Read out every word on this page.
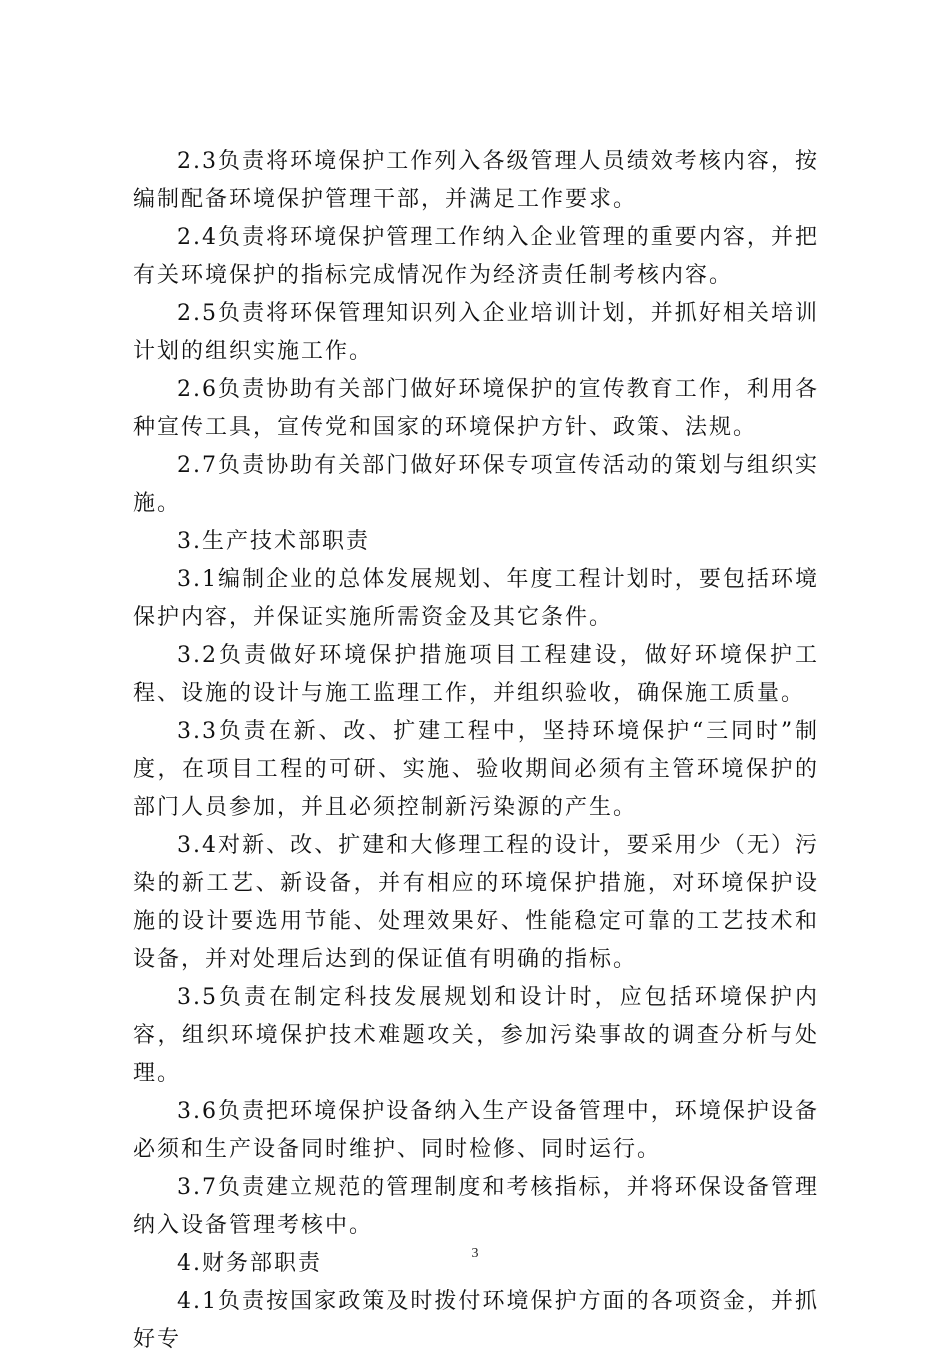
2.3负责将环境保护工作列入各级管理人员绩效考核内容，按编制配备环境保护管理干部，并满足工作要求。

2.4负责将环境保护管理工作纳入企业管理的重要内容，并把有关环境保护的指标完成情况作为经济责任制考核内容。

2.5负责将环保管理知识列入企业培训计划，并抓好相关培训计划的组织实施工作。

2.6负责协助有关部门做好环境保护的宣传教育工作，利用各种宣传工具，宣传党和国家的环境保护方针、政策、法规。

2.7负责协助有关部门做好环保专项宣传活动的策划与组织实施。

3.生产技术部职责

3.1编制企业的总体发展规划、年度工程计划时，要包括环境保护内容，并保证实施所需资金及其它条件。

3.2负责做好环境保护措施项目工程建设，做好环境保护工程、设施的设计与施工监理工作，并组织验收，确保施工质量。

3.3负责在新、改、扩建工程中，坚持环境保护“三同时”制度，在项目工程的可研、实施、验收期间必须有主管环境保护的部门人员参加，并且必须控制新污染源的产生。

3.4对新、改、扩建和大修理工程的设计，要采用少（无）污染的新工艺、新设备，并有相应的环境保护措施，对环境保护设施的设计要选用节能、处理效果好、性能稳定可靠的工艺技术和设备，并对处理后达到的保证值有明确的指标。

3.5负责在制定科技发展规划和设计时，应包括环境保护内容，组织环境保护技术难题攻关，参加污染事故的调查分析与处理。

3.6负责把环境保护设备纳入生产设备管理中，环境保护设备必须和生产设备同时维护、同时检修、同时运行。

3.7负责建立规范的管理制度和考核指标，并将环保设备管理纳入设备管理考核中。

4.财务部职责

4.1负责按国家政策及时拨付环境保护方面的各项资金，并抓好专

3
